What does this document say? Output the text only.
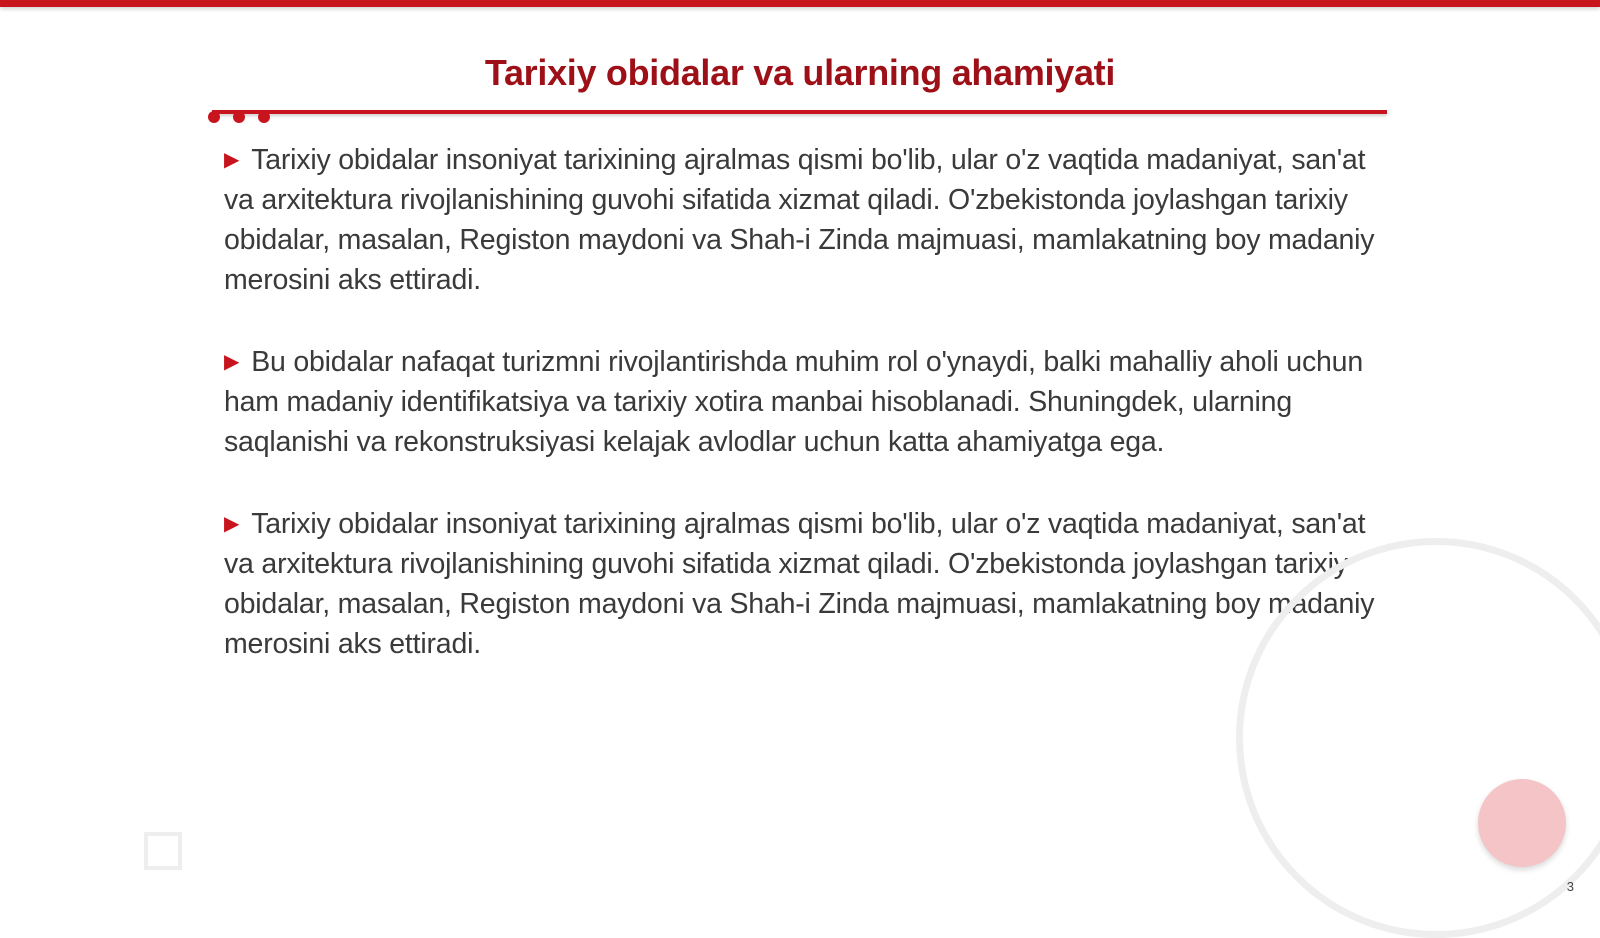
Tarixiy obidalar va ularning ahamiyati

▶ Tarixiy obidalar insoniyat tarixining ajralmas qismi bo'lib, ular o'z vaqtida madaniyat, san'at va arxitektura rivojlanishining guvohi sifatida xizmat qiladi. O'zbekistonda joylashgan tarixiy obidalar, masalan, Registon maydoni va Shah-i Zinda majmuasi, mamlakatning boy madaniy merosini aks ettiradi.

▶ Bu obidalar nafaqat turizmni rivojlantirishda muhim rol o'ynaydi, balki mahalliy aholi uchun ham madaniy identifikatsiya va tarixiy xotira manbai hisoblanadi. Shuningdek, ularning saqlanishi va rekonstruksiyasi kelajak avlodlar uchun katta ahamiyatga ega.

▶ Tarixiy obidalar insoniyat tarixining ajralmas qismi bo'lib, ular o'z vaqtida madaniyat, san'at va arxitektura rivojlanishining guvohi sifatida xizmat qiladi. O'zbekistonda joylashgan tarixiy obidalar, masalan, Registon maydoni va Shah-i Zinda majmuasi, mamlakatning boy madaniy merosini aks ettiradi.

3
